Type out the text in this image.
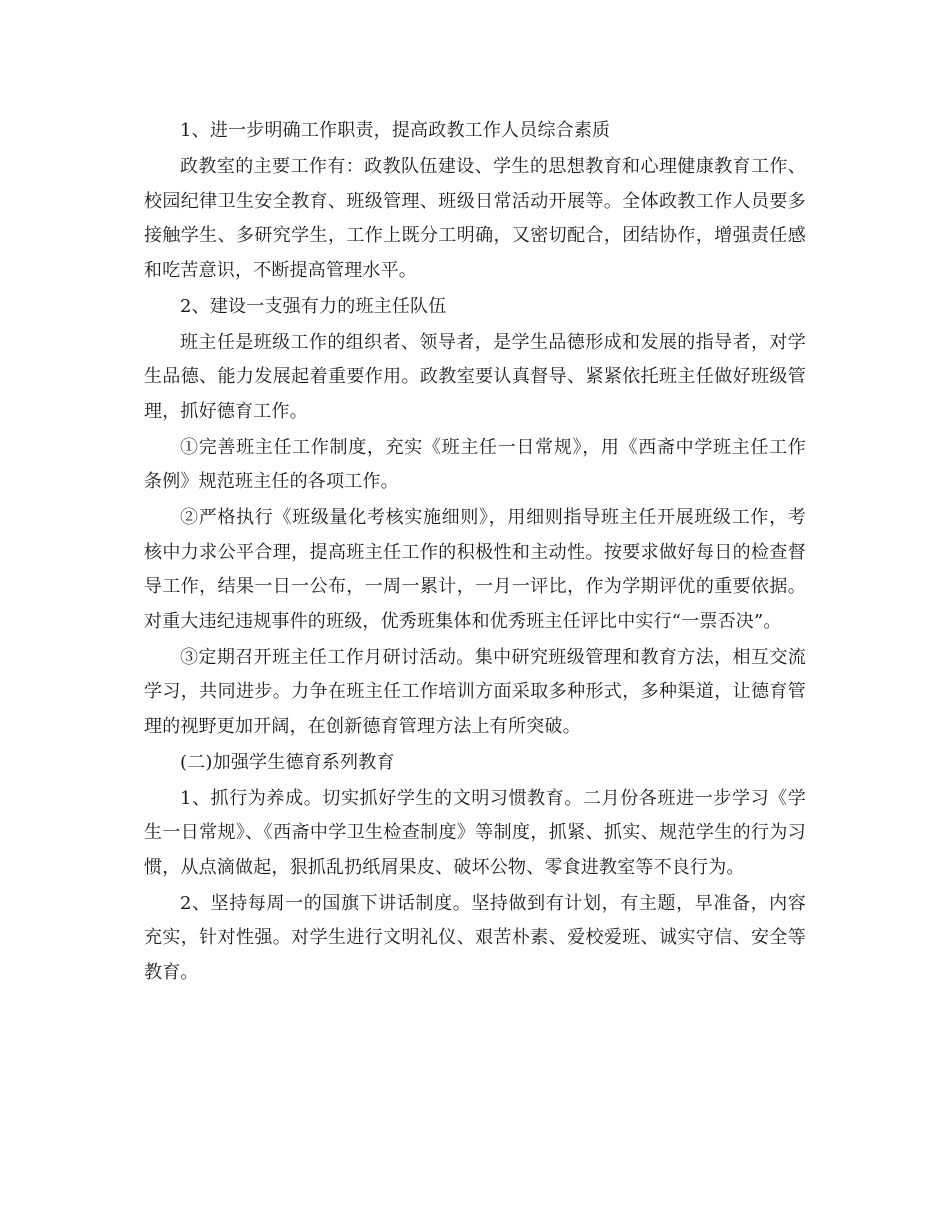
1、进一步明确工作职责，提高政教工作人员综合素质

政教室的主要工作有：政教队伍建设、学生的思想教育和心理健康教育工作、校园纪律卫生安全教育、班级管理、班级日常活动开展等。全体政教工作人员要多接触学生、多研究学生，工作上既分工明确，又密切配合，团结协作，增强责任感和吃苦意识，不断提高管理水平。

2、建设一支强有力的班主任队伍

班主任是班级工作的组织者、领导者，是学生品德形成和发展的指导者，对学生品德、能力发展起着重要作用。政教室要认真督导、紧紧依托班主任做好班级管理，抓好德育工作。

①完善班主任工作制度，充实《班主任一日常规》，用《西斋中学班主任工作条例》规范班主任的各项工作。

②严格执行《班级量化考核实施细则》，用细则指导班主任开展班级工作，考核中力求公平合理，提高班主任工作的积极性和主动性。按要求做好每日的检查督导工作，结果一日一公布，一周一累计，一月一评比，作为学期评优的重要依据。对重大违纪违规事件的班级，优秀班集体和优秀班主任评比中实行“一票否决”。

③定期召开班主任工作月研讨活动。集中研究班级管理和教育方法，相互交流学习，共同进步。力争在班主任工作培训方面采取多种形式，多种渠道，让德育管理的视野更加开阔，在创新德育管理方法上有所突破。

(二)加强学生德育系列教育

1、抓行为养成。切实抓好学生的文明习惯教育。二月份各班进一步学习《学生一日常规》、《西斋中学卫生检查制度》等制度，抓紧、抓实、规范学生的行为习惯，从点滴做起，狠抓乱扔纸屑果皮、破坏公物、零食进教室等不良行为。

2、坚持每周一的国旗下讲话制度。坚持做到有计划，有主题，早准备，内容充实，针对性强。对学生进行文明礼仪、艰苦朴素、爱校爱班、诚实守信、安全等教育。
